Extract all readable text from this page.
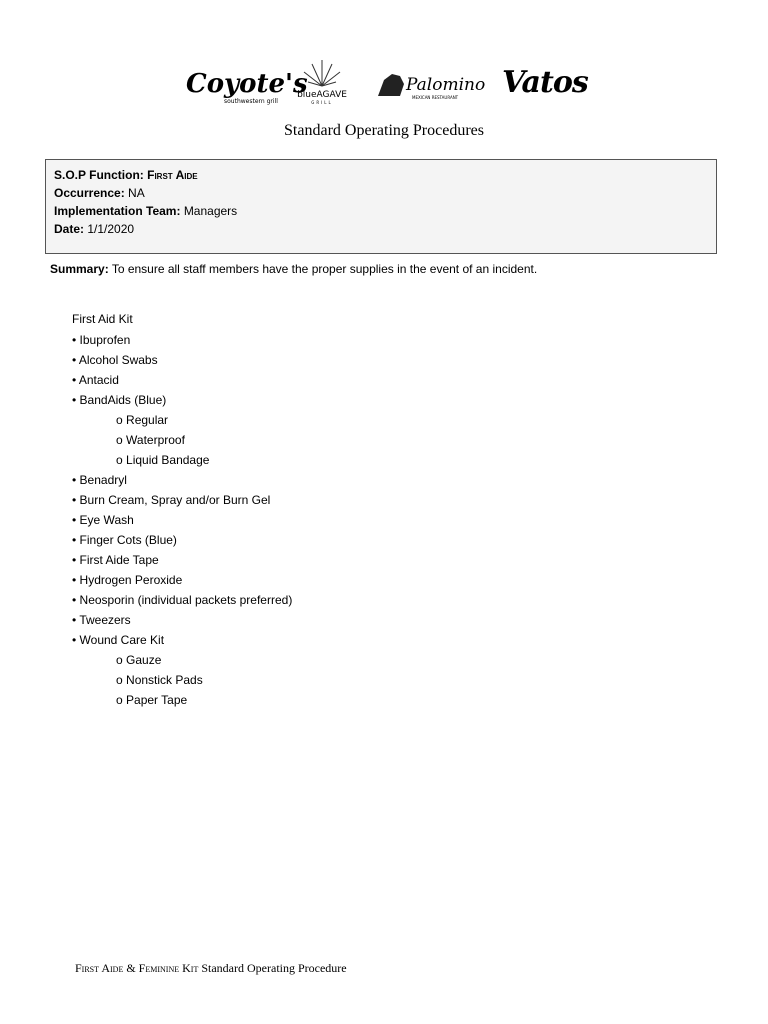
Coyote's
southwestern grill
blueAGAVE
GRILL
Palomino
MEXICAN RESTAURANT Vatos
Standard Operating Procedures
S.O.P Function: First Aide
Occurrence: NA
Implementation Team: Managers
Date: 1/1/2020
Summary: To ensure all staff members have the proper supplies in the event of an incident.
First Aid Kit
• Ibuprofen
• Alcohol Swabs
• Antacid
• BandAids (Blue)
o Regular
o Waterproof
o Liquid Bandage
• Benadryl
• Burn Cream, Spray and/or Burn Gel
• Eye Wash
• Finger Cots (Blue)
• First Aide Tape
• Hydrogen Peroxide
• Neosporin (individual packets preferred)
• Tweezers
• Wound Care Kit
o Gauze
o Nonstick Pads
o Paper Tape
First Aide & Feminine Kit Standard Operating Procedure
